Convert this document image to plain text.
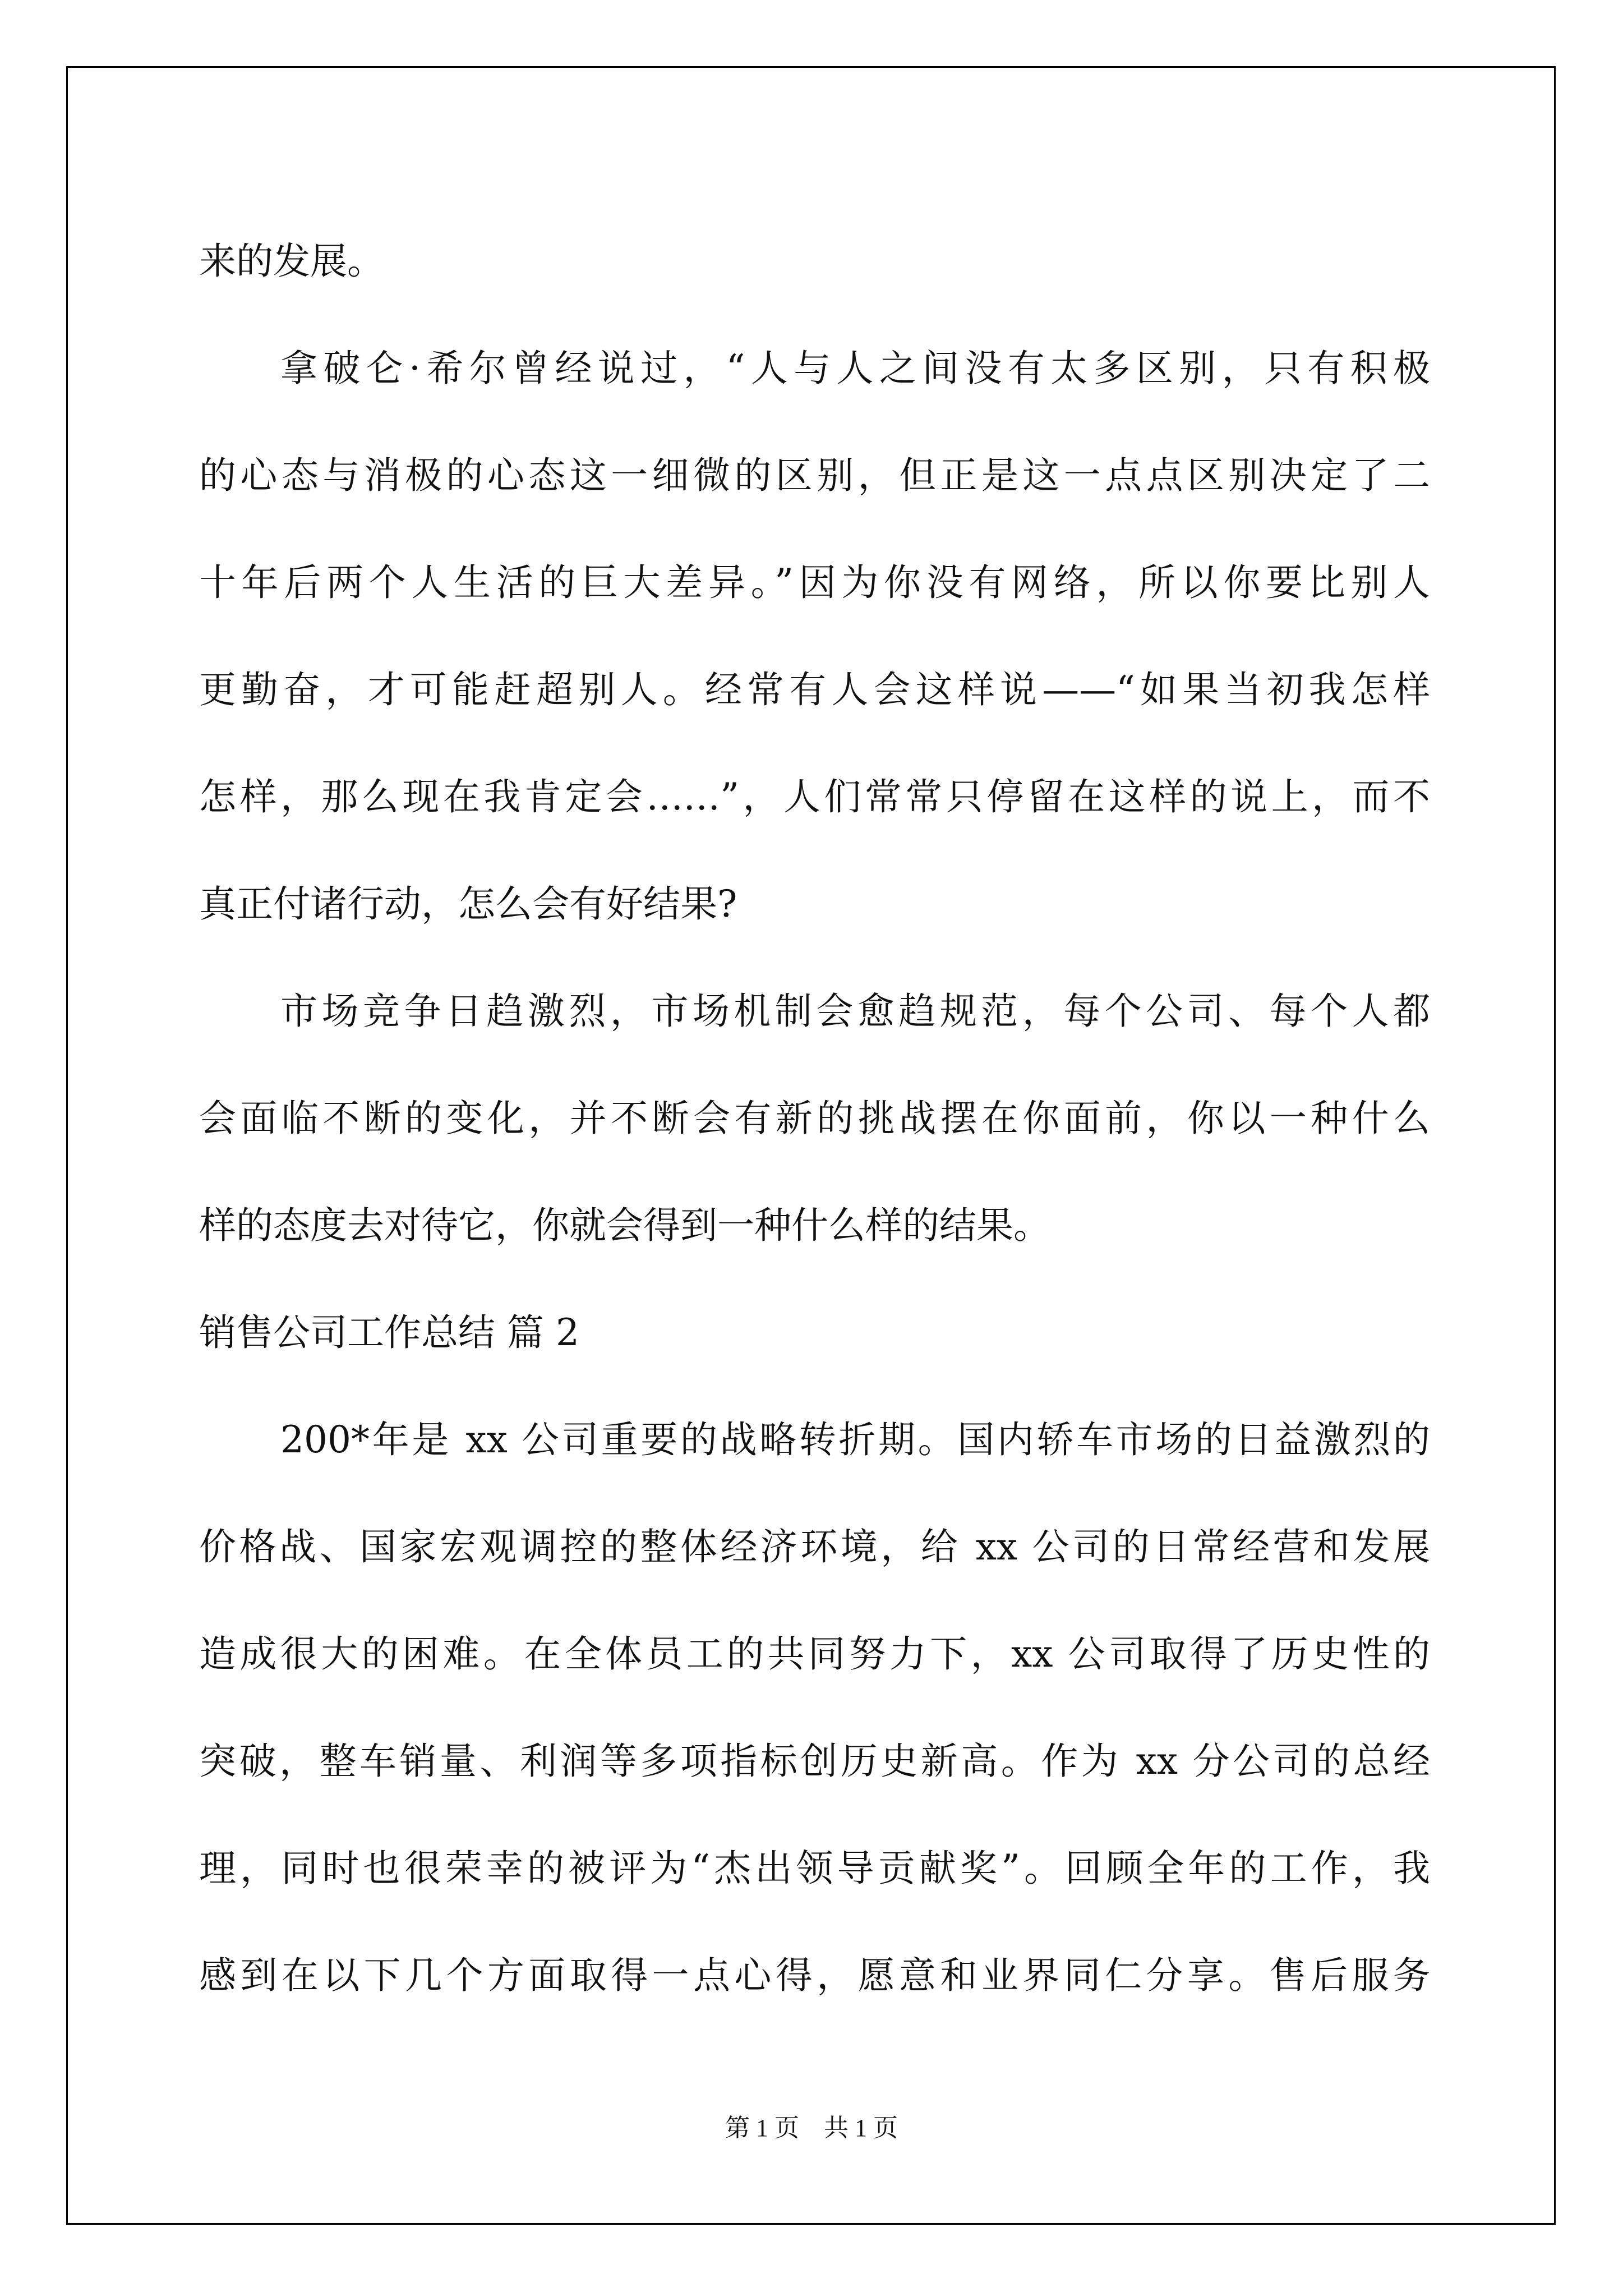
来的发展。
拿破仑·希尔曾经说过，“人与人之间没有太多区别，只有积极
的心态与消极的心态这一细微的区别，但正是这一点点区别决定了二
十年后两个人生活的巨大差异。”因为你没有网络，所以你要比别人
更勤奋，才可能赶超别人。经常有人会这样说——“如果当初我怎样
怎样，那么现在我肯定会……”，人们常常只停留在这样的说上，而不
真正付诸行动，怎么会有好结果?
市场竞争日趋激烈，市场机制会愈趋规范，每个公司、每个人都
会面临不断的变化，并不断会有新的挑战摆在你面前，你以一种什么
样的态度去对待它，你就会得到一种什么样的结果。
销售公司工作总结 篇 2
200*年是 xx 公司重要的战略转折期。国内轿车市场的日益激烈的
价格战、国家宏观调控的整体经济环境，给 xx 公司的日常经营和发展
造成很大的困难。在全体员工的共同努力下，xx 公司取得了历史性的
突破，整车销量、利润等多项指标创历史新高。作为 xx 分公司的总经
理，同时也很荣幸的被评为“杰出领导贡献奖”。回顾全年的工作，我
感到在以下几个方面取得一点心得，愿意和业界同仁分享。售后服务
第 1 页　共 1 页
